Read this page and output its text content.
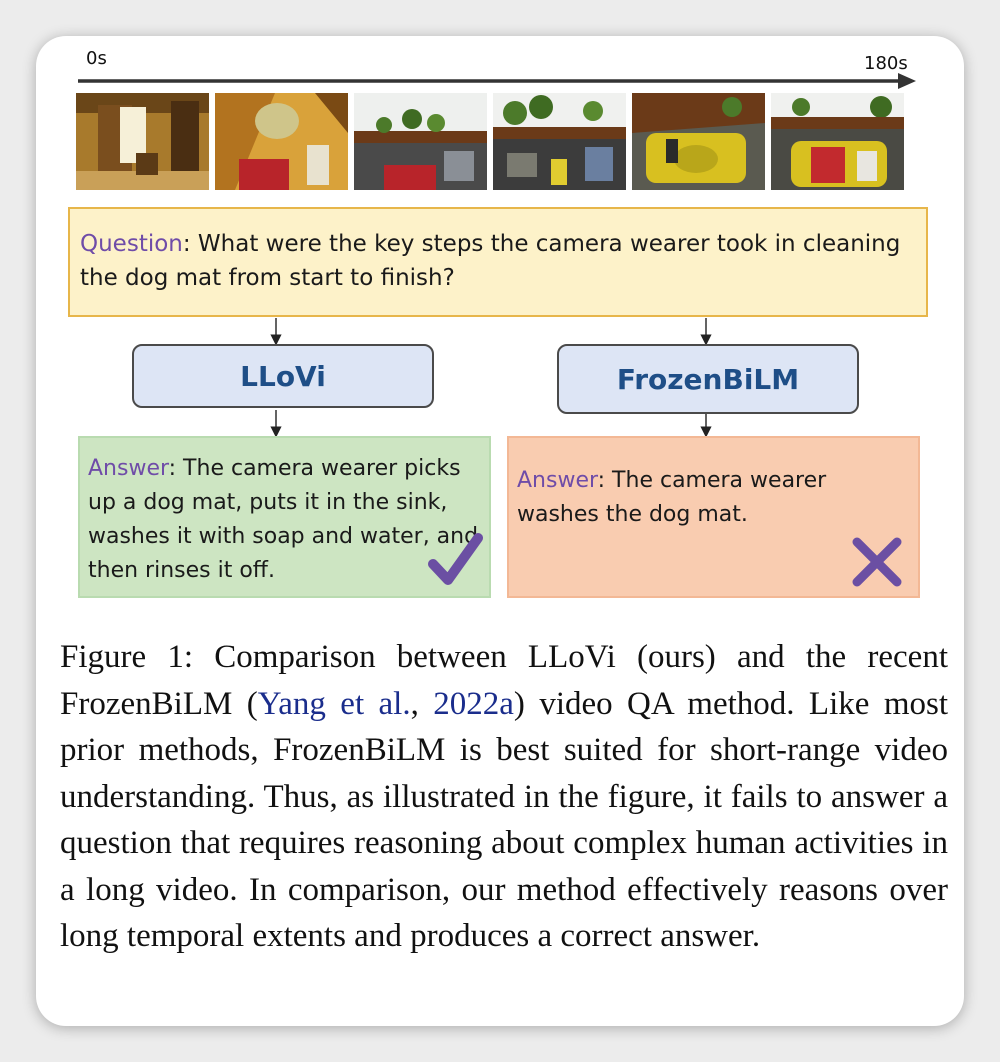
0s	180s
Question: What were the key steps the camera wearer took in cleaning the dog mat from start to finish?
LLoVi	FrozenBiLM
Answer: The camera wearer picks up a dog mat, puts it in the sink, washes it with soap and water, and then rinses it off.
Answer: The camera wearer washes the dog mat.
Figure 1: Comparison between LLoVi (ours) and the recent FrozenBiLM (Yang et al., 2022a) video QA method. Like most prior methods, FrozenBiLM is best suited for short-range video understanding. Thus, as illustrated in the figure, it fails to answer a question that requires reasoning about complex human activities in a long video. In comparison, our method effectively reasons over long temporal extents and produces a correct answer.
